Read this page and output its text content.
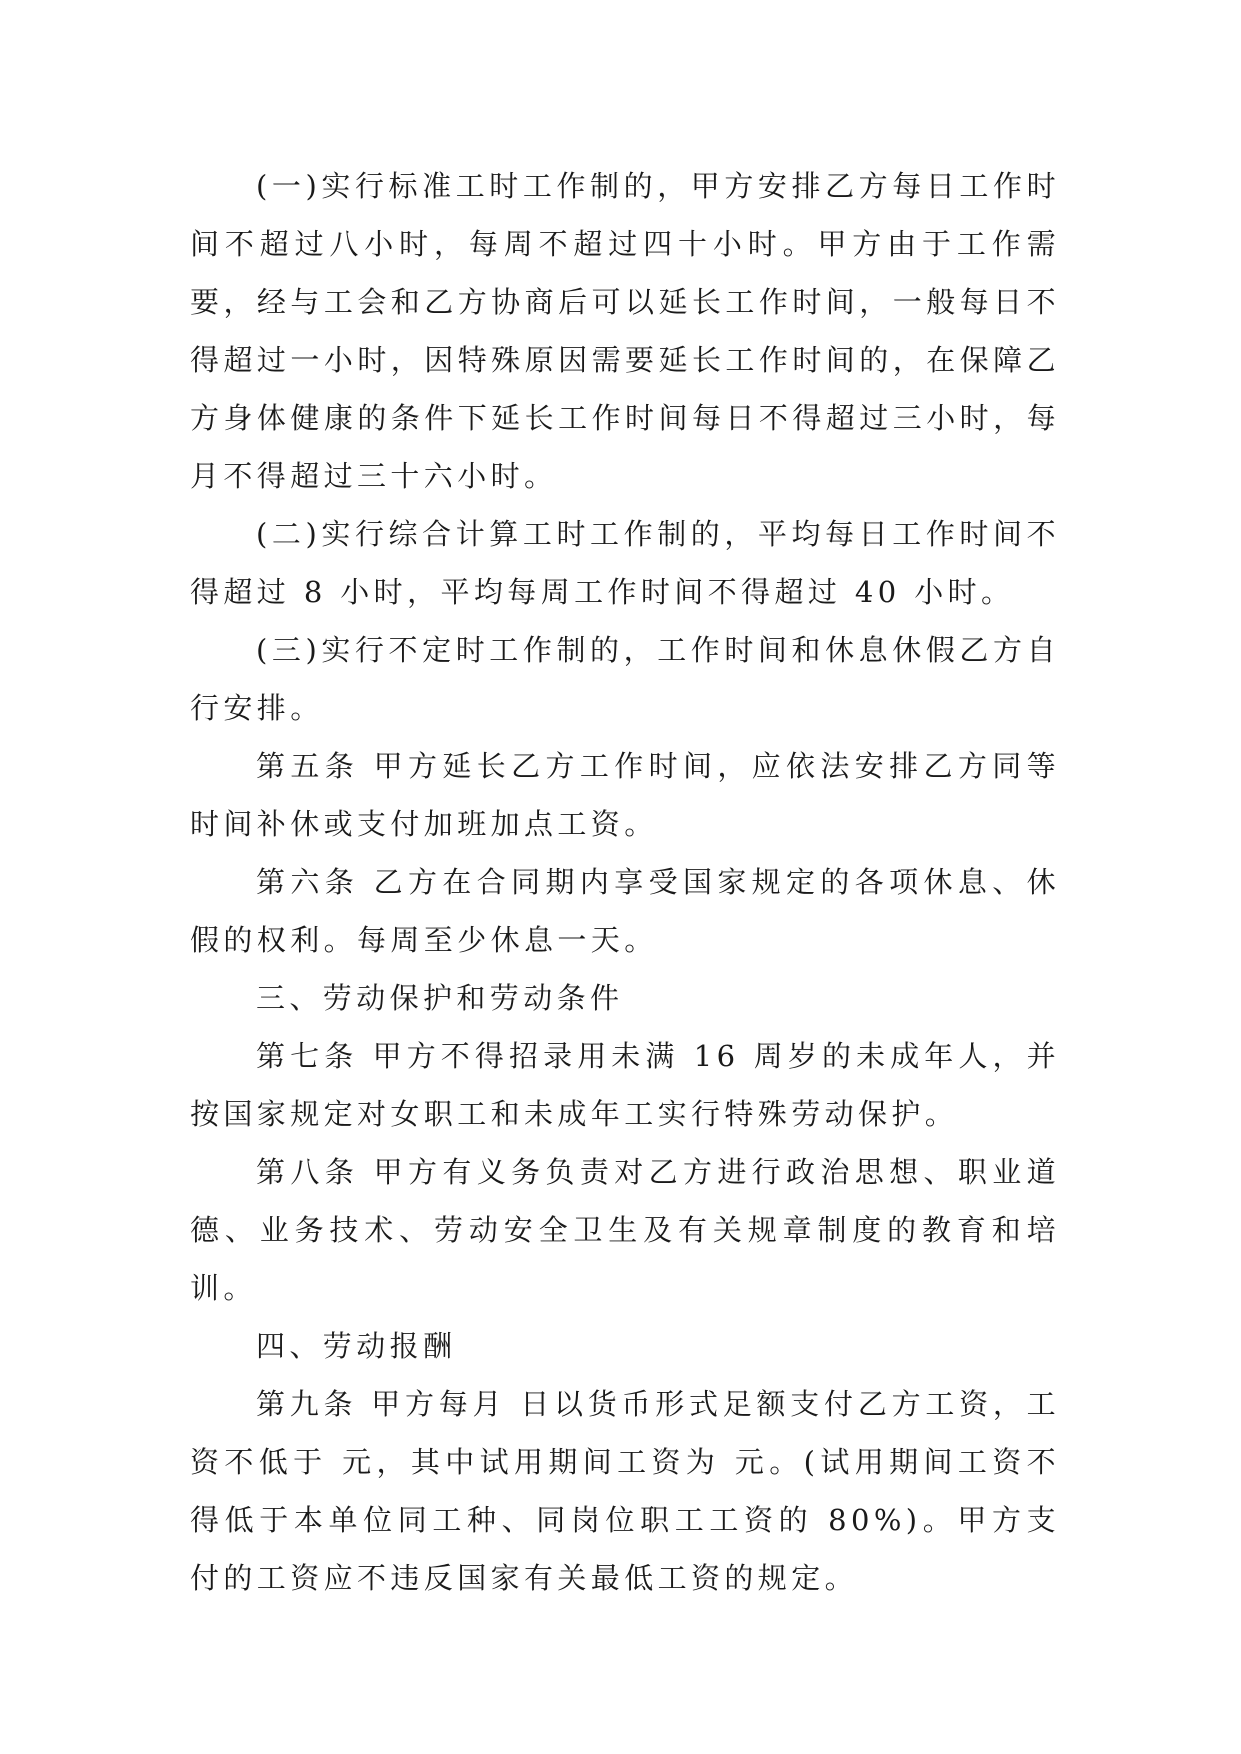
(一)实行标准工时工作制的，甲方安排乙方每日工作时间不超过八小时，每周不超过四十小时。甲方由于工作需要，经与工会和乙方协商后可以延长工作时间，一般每日不得超过一小时，因特殊原因需要延长工作时间的，在保障乙方身体健康的条件下延长工作时间每日不得超过三小时，每月不得超过三十六小时。

(二)实行综合计算工时工作制的，平均每日工作时间不得超过 8 小时，平均每周工作时间不得超过 40 小时。

(三)实行不定时工作制的，工作时间和休息休假乙方自行安排。

第五条 甲方延长乙方工作时间，应依法安排乙方同等时间补休或支付加班加点工资。

第六条 乙方在合同期内享受国家规定的各项休息、休假的权利。每周至少休息一天。

三、劳动保护和劳动条件

第七条 甲方不得招录用未满 16 周岁的未成年人，并按国家规定对女职工和未成年工实行特殊劳动保护。

第八条 甲方有义务负责对乙方进行政治思想、职业道德、业务技术、劳动安全卫生及有关规章制度的教育和培训。

四、劳动报酬

第九条 甲方每月 日以货币形式足额支付乙方工资，工资不低于 元，其中试用期间工资为 元。(试用期间工资不得低于本单位同工种、同岗位职工工资的 80%)。甲方支付的工资应不违反国家有关最低工资的规定。
